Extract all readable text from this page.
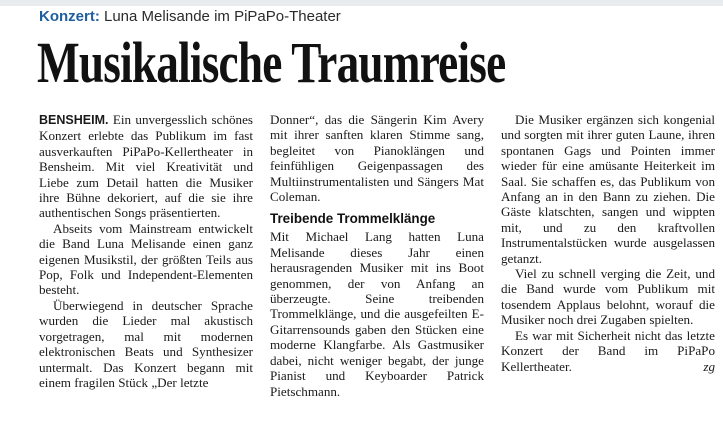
Konzert: Luna Melisande im PiPaPo-Theater
Musikalische Traumreise

BENSHEIM. Ein unvergesslich schönes Konzert erlebte das Publikum im fast ausverkauften PiPaPo-Kellertheater in Bensheim. Mit viel Kreativität und Liebe zum Detail hatten die Musiker ihre Bühne dekoriert, auf die sie ihre authentischen Songs präsentierten.

Abseits vom Mainstream entwickelt die Band Luna Melisande einen ganz eigenen Musikstil, der größten Teils aus Pop, Folk und Independent-Elementen besteht.

Überwiegend in deutscher Sprache wurden die Lieder mal akustisch vorgetragen, mal mit modernen elektronischen Beats und Synthesizer untermalt. Das Konzert begann mit einem fragilen Stück „Der letzte

Donner“, das die Sängerin Kim Avery mit ihrer sanften klaren Stimme sang, begleitet von Pianoklängen und feinfühligen Geigenpassagen des Multiinstrumentalisten und Sängers Mat Coleman.

Treibende Trommelklänge

Mit Michael Lang hatten Luna Melisande dieses Jahr einen herausragenden Musiker mit ins Boot genommen, der von Anfang an überzeugte. Seine treibenden Trommelklänge, und die ausgefeilten E-Gitarrensounds gaben den Stücken eine moderne Klangfarbe. Als Gastmusiker dabei, nicht weniger begabt, der junge Pianist und Keyboarder Patrick Pietschmann.

Die Musiker ergänzen sich kongenial und sorgten mit ihrer guten Laune, ihren spontanen Gags und Pointen immer wieder für eine amüsante Heiterkeit im Saal. Sie schaffen es, das Publikum von Anfang an in den Bann zu ziehen. Die Gäste klatschten, sangen und wippten mit, und zu den kraftvollen Instrumentalstücken wurde ausgelassen getanzt.

Viel zu schnell verging die Zeit, und die Band wurde vom Publikum mit tosendem Applaus belohnt, worauf die Musiker noch drei Zugaben spielten.

Es war mit Sicherheit nicht das letzte Konzert der Band im PiPaPo Kellertheater.	zg
